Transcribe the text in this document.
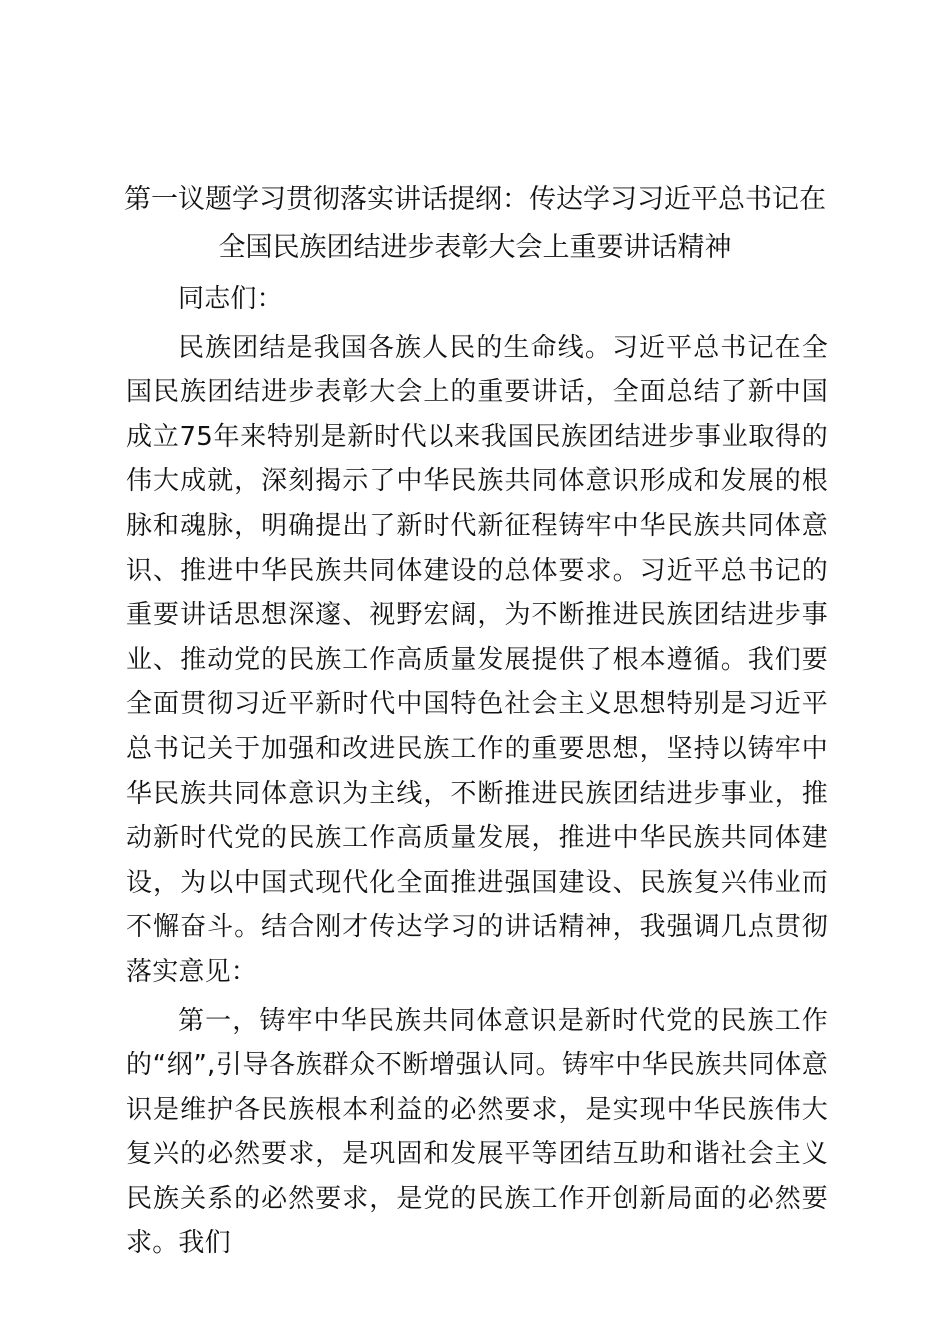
第一议题学习贯彻落实讲话提纲：传达学习习近平总书记在全国民族团结进步表彰大会上重要讲话精神

同志们：

民族团结是我国各族人民的生命线。习近平总书记在全国民族团结进步表彰大会上的重要讲话，全面总结了新中国成立75年来特别是新时代以来我国民族团结进步事业取得的伟大成就，深刻揭示了中华民族共同体意识形成和发展的根脉和魂脉，明确提出了新时代新征程铸牢中华民族共同体意识、推进中华民族共同体建设的总体要求。习近平总书记的重要讲话思想深邃、视野宏阔，为不断推进民族团结进步事业、推动党的民族工作高质量发展提供了根本遵循。我们要全面贯彻习近平新时代中国特色社会主义思想特别是习近平总书记关于加强和改进民族工作的重要思想，坚持以铸牢中华民族共同体意识为主线，不断推进民族团结进步事业，推动新时代党的民族工作高质量发展，推进中华民族共同体建设，为以中国式现代化全面推进强国建设、民族复兴伟业而不懈奋斗。结合刚才传达学习的讲话精神，我强调几点贯彻落实意见：

第一，铸牢中华民族共同体意识是新时代党的民族工作的“纲”,引导各族群众不断增强认同。铸牢中华民族共同体意识是维护各民族根本利益的必然要求，是实现中华民族伟大复兴的必然要求，是巩固和发展平等团结互助和谐社会主义民族关系的必然要求，是党的民族工作开创新局面的必然要求。我们
